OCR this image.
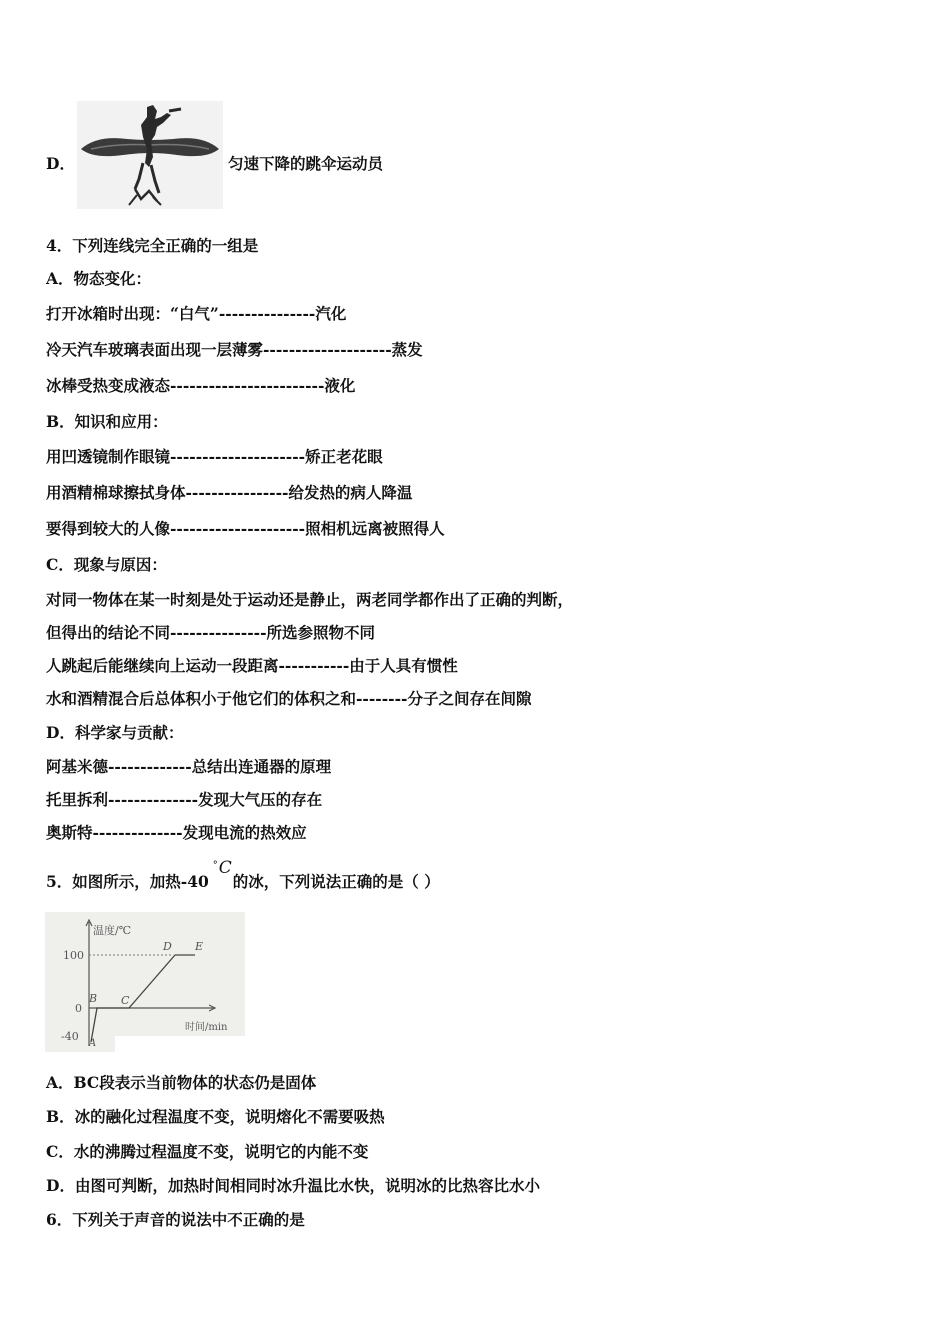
D．	匀速下降的跳伞运动员
4．下列连线完全正确的一组是
A．物态变化：
打开冰箱时出现：“白气”---------------汽化
冷天汽车玻璃表面出现一层薄雾--------------------蒸发
冰棒受热变成液态------------------------液化
B．知识和应用：
用凹透镜制作眼镜---------------------矫正老花眼
用酒精棉球擦拭身体----------------给发热的病人降温
要得到较大的人像---------------------照相机远离被照得人
C．现象与原因：
对同一物体在某一时刻是处于运动还是静止，两老同学都作出了正确的判断，
但得出的结论不同---------------所选参照物不同
人跳起后能继续向上运动一段距离-----------由于人具有惯性
水和酒精混合后总体积小于他它们的体积之和--------分子之间存在间隙
D．科学家与贡献：
阿基米德-------------总结出连通器的原理
托里拆利--------------发现大气压的存在
奥斯特--------------发现电流的热效应
5．如图所示，加热-40
° C
的冰，下列说法正确的是（ ）
温度/℃
时间/min
100
0
-40
A
B C
D E
A．BC段表示当前物体的状态仍是固体
B．冰的融化过程温度不变，说明熔化不需要吸热
C．水的沸腾过程温度不变，说明它的内能不变
D．由图可判断，加热时间相同时冰升温比水快，说明冰的比热容比水小
6．下列关于声音的说法中不正确的是
